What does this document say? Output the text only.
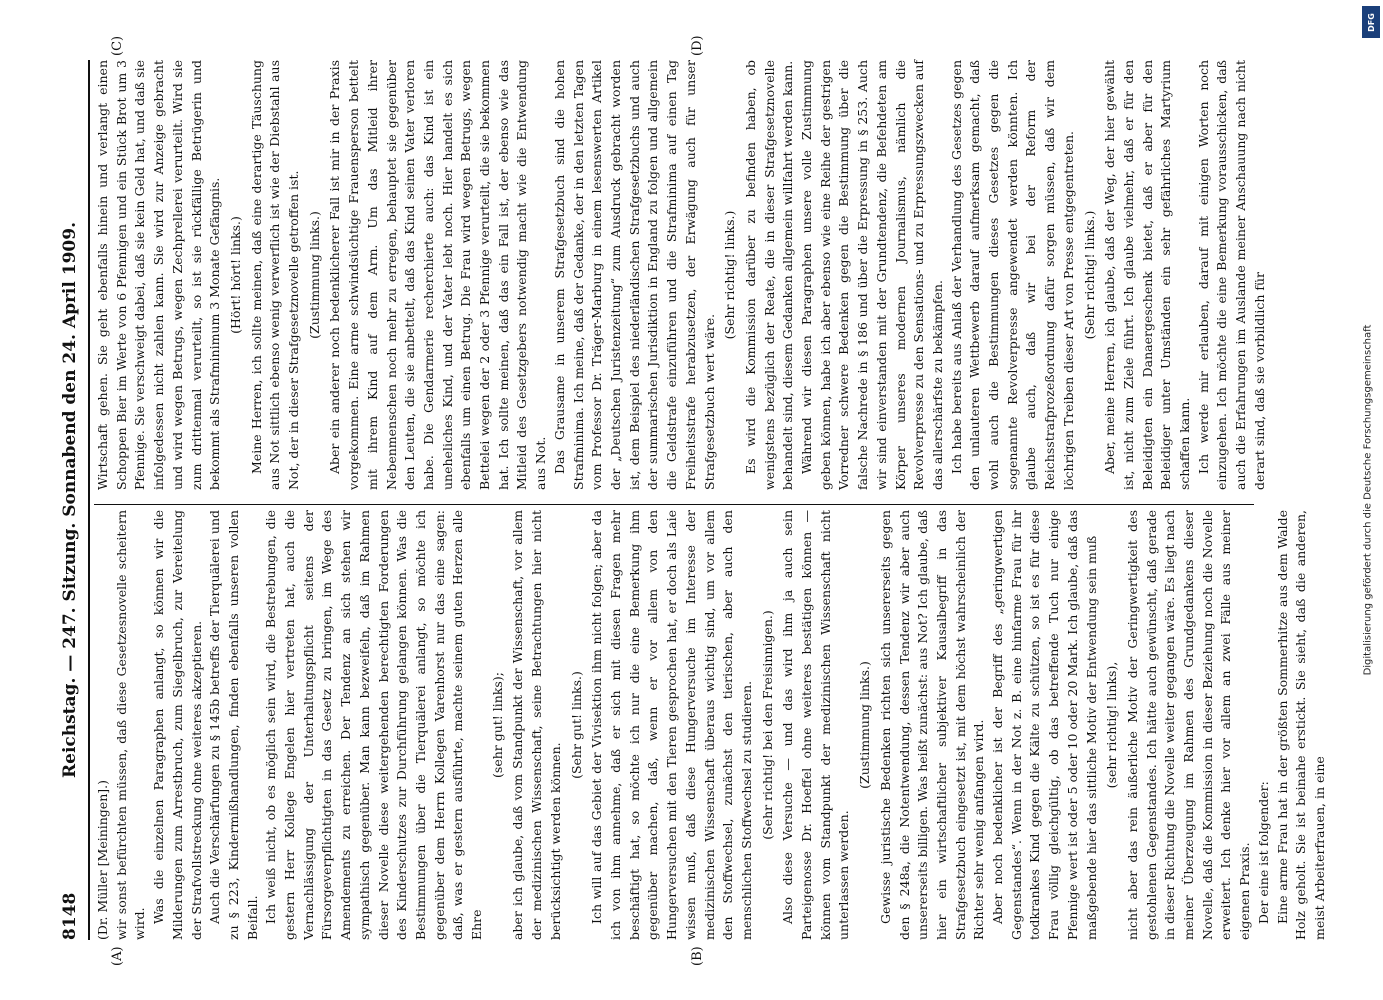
8148
Reichstag. — 247. Sitzung. Sonnabend den 24. April 1909.
(A)	(B)
(C)	(D)

(Dr. Müller [Meiningen].) wir sonst befürchten müssen, daß diese Gesetzesnovelle scheitern wird. Was die einzelnen Paragraphen anlangt, so können wir die Milderungen zum Arrestbruch, zum Siegelbruch, zur Vereitelung der Strafvollstreckung ohne weiteres akzeptieren. Auch die Verschärfungen zu § 145b betreffs der Tierquälerei und zu § 223, Kindermißhandlungen, finden ebenfalls unseren vollen Beifall. Ich weiß nicht, ob es möglich sein wird, die Bestrebungen, die gestern Herr Kollege Engelen hier vertreten hat, auch die Vernachlässigung der Unterhaltungspflicht seitens der Fürsorgeverpflichtigten in das Gesetz zu bringen, im Wege des Amendements zu erreichen. Der Tendenz an sich stehen wir sympathisch gegenüber. Man kann bezweifeln, daß im Rahmen dieser Novelle diese weitergehenden berechtigten Forderungen des Kinderschutzes zur Durchführung gelangen können. Was die Bestimmungen über die Tierquälerei anlangt, so möchte ich gegenüber dem Herrn Kollegen Varenhorst nur das eine sagen: daß, was er gestern ausführte, machte seinem guten Herzen alle Ehre

(sehr gut! links); aber ich glaube, daß vom Standpunkt der Wissenschaft, vor allem der medizinischen Wissenschaft, seine Betrachtungen hier nicht berücksichtigt werden können.

(Sehr gut! links.) Ich will auf das Gebiet der Vivisektion ihm nicht folgen; aber da ich von ihm annehme, daß er sich mit diesen Fragen mehr beschäftigt hat, so möchte ich nur die eine Bemerkung ihm gegenüber machen, daß, wenn er vor allem von den Hungerversuchen mit den Tieren gesprochen hat, er doch als Laie wissen muß, daß diese Hungerversuche im Interesse der medizinischen Wissenschaft überaus wichtig sind, um vor allem den Stoffwechsel, zunächst den tierischen, aber auch den menschlichen Stoffwechsel zu studieren. (Sehr richtig! bei den Freisinnigen.) Also diese Versuche — und das wird ihm ja auch sein Parteigenosse Dr. Hoeffel ohne weiteres bestätigen können — können vom Standpunkt der medizinischen Wissenschaft nicht unterlassen werden.

(Zustimmung links.) Gewisse juristische Bedenken richten sich unsererseits gegen den § 248a, die Notentwendung, dessen Tendenz wir aber auch unsererseits billigen. Was heißt zunächst: aus Not? Ich glaube, daß hier ein wirtschaftlicher subjektiver Kausalbegriff in das Strafgesetzbuch eingesetzt ist, mit dem höchst wahrscheinlich der Richter sehr wenig anfangen wird. Aber noch bedenklicher ist der Begriff des „geringwertigen Gegenstandes“. Wenn in der Not z. B. eine hinfarme Frau für ihr todkrankes Kind gegen die Kälte zu schützen, so ist es für diese Frau völlig gleichgültig, ob das betreffende Tuch nur einige Pfennige wert ist oder 5 oder 10 oder 20 Mark. Ich glaube, daß das maßgebende hier das sittliche Motiv der Entwendung sein muß (sehr richtig! links), nicht aber das rein äußerliche Motiv der Geringwertigkeit des gestohlenen Gegenstandes. Ich hätte auch gewünscht, daß gerade in dieser Richtung die Novelle weiter gegangen wäre. Es liegt nach meiner Überzeugung im Rahmen des Grundgedankens dieser Novelle, daß die Kommission in dieser Beziehung noch die Novelle erweitert. Ich denke hier vor allem an zwei Fälle aus meiner eigenen Praxis. Der eine ist folgender: Eine arme Frau hat in der größten Sommerhitze aus dem Walde Holz geholt. Sie ist beinahe erstickt. Sie sieht, daß die anderen, meist Arbeiterfrauen, in eine

Wirtschaft gehen. Sie geht ebenfalls hinein und verlangt einen Schoppen Bier im Werte von 6 Pfennigen und ein Stück Brot um 3 Pfennige. Sie verschweigt dabei, daß sie kein Geld hat, und daß sie infolgedessen nicht zahlen kann. Sie wird zur Anzeige gebracht und wird wegen Betrugs, wegen Zechprellerei verurteilt. Wird sie zum drittenmal verurteilt, so ist sie rückfällige Betrügerin und bekommt als Strafminimum 3 Monate Gefängnis. (Hört! hört! links.) Meine Herren, ich sollte meinen, daß eine derartige Täuschung aus Not sittlich ebenso wenig verwerflich ist wie der Diebstahl aus Not, der in dieser Strafgesetznovelle getroffen ist. (Zustimmung links.) Aber ein anderer noch bedenklicherer Fall ist mir in der Praxis vorgekommen. Eine arme schwindsüchtige Frauensperson bettelt mit ihrem Kind auf dem Arm. Um das Mitleid ihrer Nebenmenschen noch mehr zu erregen, behauptet sie gegenüber den Leuten, die sie anbettelt, daß das Kind seinen Vater verloren habe. Die Gendarmerie recherchierte auch: das Kind ist ein uneheliches Kind, und der Vater lebt noch. Hier handelt es sich ebenfalls um einen Betrug. Die Frau wird wegen Betrugs, wegen Bettelei wegen der 2 oder 3 Pfennige verurteilt, die sie bekommen hat. Ich sollte meinen, daß das ein Fall ist, der ebenso wie das Mitleid des Gesetzgebers notwendig macht wie die Entwendung aus Not. Das Grausame in unserem Strafgesetzbuch sind die hohen Strafminima. Ich meine, daß der Gedanke, der in den letzten Tagen vom Professor Dr. Träger-Marburg in einem lesenswerten Artikel der „Deutschen Juristenzeitung“ zum Ausdruck gebracht worden ist, dem Beispiel des niederländischen Strafgesetzbuchs und auch der summarischen Jurisdiktion in England zu folgen und allgemein die Geldstrafe einzuführen und die Strafminima auf einen Tag Freiheitsstrafe herabzusetzen, der Erwägung auch für unser Strafgesetzbuch wert wäre.

(Sehr richtig! links.) Es wird die Kommission darüber zu befinden haben, ob wenigstens bezüglich der Reate, die in dieser Strafgesetznovelle behandelt sind, diesem Gedanken allgemein willfahrt werden kann. Während wir diesen Paragraphen unsere volle Zustimmung geben können, habe ich aber ebenso wie eine Reihe der gestrigen Vorredner schwere Bedenken gegen die Bestimmung über die falsche Nachrede in § 186 und über die Erpressung in § 253. Auch wir sind einverstanden mit der Grundtendenz, die Befehdeten am Körper unseres modernen Journalismus, nämlich die Revolverpresse zu den Sensations- und zu Erpressungszwecken auf das allerschärfste zu bekämpfen. Ich habe bereits aus Anlaß der Verhandlung des Gesetzes gegen den unlauteren Wettbewerb darauf aufmerksam gemacht, daß wohl auch die Bestimmungen dieses Gesetzes gegen die sogenannte Revolverpresse angewendet werden könnten. Ich glaube auch, daß wir bei der Reform der Reichsstrafprozeßordnung dafür sorgen müssen, daß wir dem löchrigen Treiben dieser Art von Presse entgegentreten. (Sehr richtig! links.) Aber, meine Herren, ich glaube, daß der Weg, der hier gewählt ist, nicht zum Ziele führt. Ich glaube vielmehr, daß er für den Beleidigten ein Danaergeschenk bietet, daß er aber für den Beleidiger unter Umständen ein sehr gefährliches Martyrium schaffen kann. Ich werde mir erlauben, darauf mit einigen Worten noch einzugehen. Ich möchte die eine Bemerkung vorausschicken, daß auch die Erfahrungen im Auslande meiner Anschauung nach nicht derart sind, daß sie vorbildlich für

DFG
Digitalisierung gefördert durch die Deutsche Forschungsgemeinschaft
